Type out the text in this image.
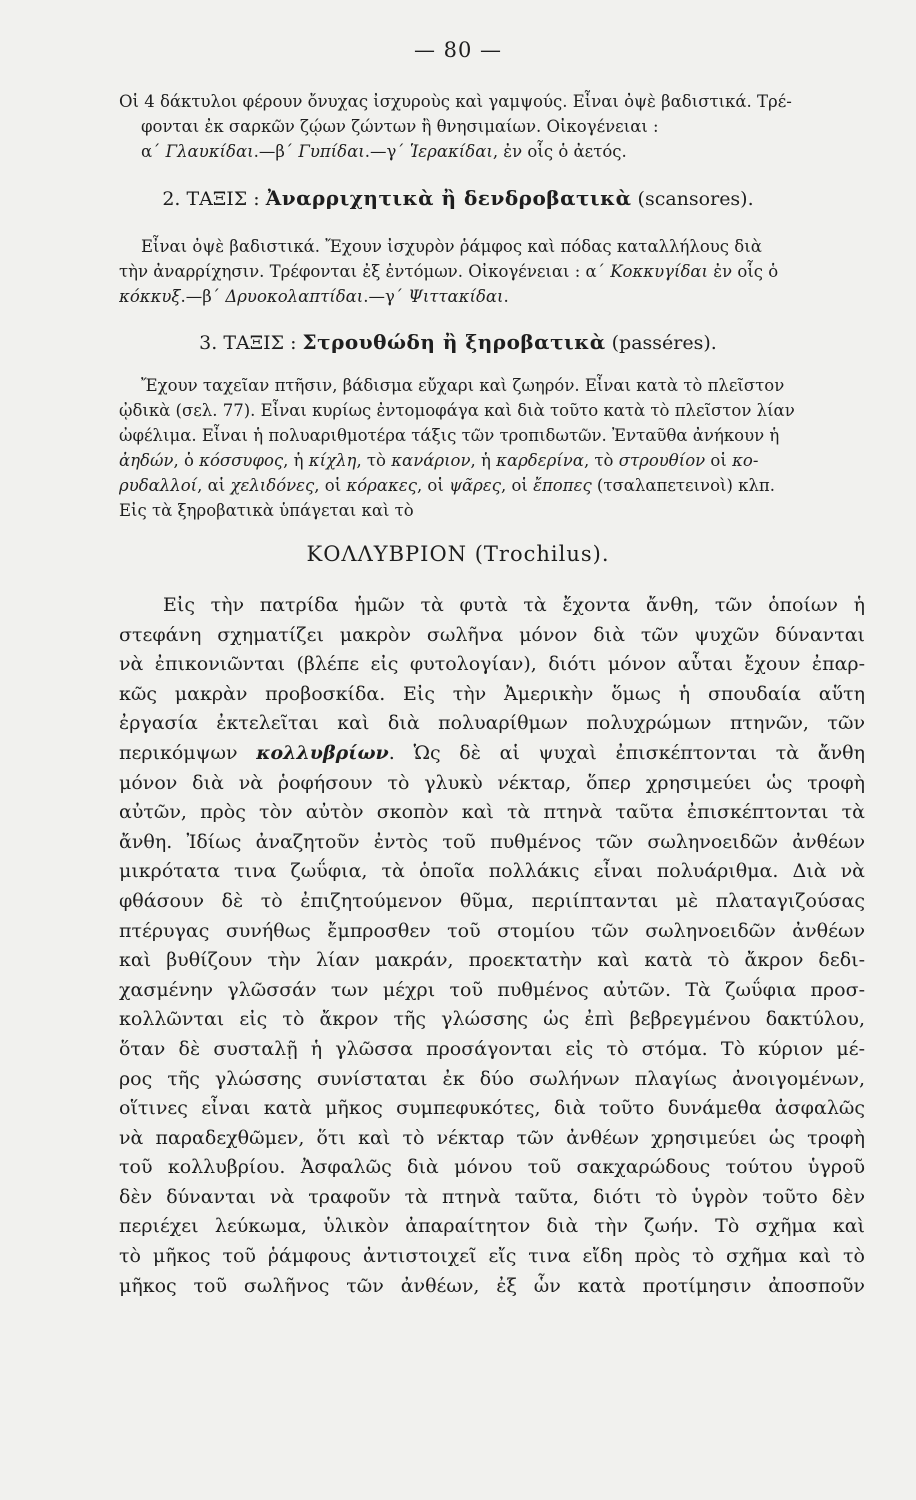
— 80 —
Οἱ 4 δάκτυλοι φέρουν ὄνυχας ἰσχυροὺς καὶ γαμψούς. Εἶναι ὀψὲ βαδιστικά. Τρέ-
φονται ἐκ σαρκῶν ζῴων ζώντων ἢ θνησιμαίων. Οἰκογένειαι :
α΄ Γλαυκίδαι.—β΄ Γυπίδαι.—γ΄ Ἱερακίδαι, ἐν οἷς ὁ ἀετός.
2. ΤΑΞΙΣ : Ἀναρριχητικὰ ἢ δενδροβατικὰ (scansores).
Εἶναι ὀψὲ βαδιστικά. Ἔχουν ἰσχυρὸν ῥάμφος καὶ πόδας καταλλήλους διὰ
τὴν ἀναρρίχησιν. Τρέφονται ἐξ ἐντόμων. Οἰκογένειαι : α΄ Κοκκυγίδαι ἐν οἷς ὁ
κόκκυξ.—β΄ Δρυοκολαπτίδαι.—γ΄ Ψιττακίδαι.
3. ΤΑΞΙΣ : Στρουθώδη ἢ ξηροβατικὰ (passéres).
Ἔχουν ταχεῖαν πτῆσιν, βάδισμα εὔχαρι καὶ ζωηρόν. Εἶναι κατὰ τὸ πλεῖστον
ᾠδικὰ (σελ. 77). Εἶναι κυρίως ἐντομοφάγα καὶ διὰ τοῦτο κατὰ τὸ πλεῖστον λίαν
ὠφέλιμα. Εἶναι ἡ πολυαριθμοτέρα τάξις τῶν τροπιδωτῶν. Ἐνταῦθα ἀνήκουν ἡ
ἀηδών, ὁ κόσσυφος, ἡ κίχλη, τὸ κανάριον, ἡ καρδερίνα, τὸ στρουθίον οἱ κο-
ρυδαλλοί, αἱ χελιδόνες, οἱ κόρακες, οἱ ψᾶρες, οἱ ἔποπες (τσαλαπετεινοὶ) κλπ.
Εἰς τὰ ξηροβατικὰ ὑπάγεται καὶ τὸ
ΚΟΛΛΥΒΡΙΟΝ (Trochilus).
Εἰς τὴν πατρίδα ἡμῶν τὰ φυτὰ τὰ ἔχοντα ἄνθη, τῶν ὁποίων ἡ
στεφάνη σχηματίζει μακρὸν σωλῆνα μόνον διὰ τῶν ψυχῶν δύνανται
νὰ ἐπικονιῶνται (βλέπε εἰς φυτολογίαν), διότι μόνον αὗται ἔχουν ἐπαρ-
κῶς μακρὰν προβοσκίδα. Εἰς τὴν Ἀμερικὴν ὅμως ἡ σπουδαία αὕτη
ἐργασία ἐκτελεῖται καὶ διὰ πολυαρίθμων πολυχρώμων πτηνῶν, τῶν
περικόμψων κολλυβρίων. Ὡς δὲ αἱ ψυχαὶ ἐπισκέπτονται τὰ ἄνθη
μόνον διὰ νὰ ῥοφήσουν τὸ γλυκὺ νέκταρ, ὅπερ χρησιμεύει ὡς τροφὴ
αὐτῶν, πρὸς τὸν αὐτὸν σκοπὸν καὶ τὰ πτηνὰ ταῦτα ἐπισκέπτονται τὰ
ἄνθη. Ἰδίως ἀναζητοῦν ἐντὸς τοῦ πυθμένος τῶν σωληνοειδῶν ἀνθέων
μικρότατα τινα ζωΰφια, τὰ ὁποῖα πολλάκις εἶναι πολυάριθμα. Διὰ νὰ
φθάσουν δὲ τὸ ἐπιζητούμενον θῦμα, περιίπτανται μὲ πλαταγιζούσας
πτέρυγας συνήθως ἔμπροσθεν τοῦ στομίου τῶν σωληνοειδῶν ἀνθέων
καὶ βυθίζουν τὴν λίαν μακράν, προεκτατὴν καὶ κατὰ τὸ ἄκρον δεδι-
χασμένην γλῶσσάν των μέχρι τοῦ πυθμένος αὐτῶν. Τὰ ζωΰφια προσ-
κολλῶνται εἰς τὸ ἄκρον τῆς γλώσσης ὡς ἐπὶ βεβρεγμένου δακτύλου,
ὅταν δὲ συσταλῇ ἡ γλῶσσα προσάγονται εἰς τὸ στόμα. Τὸ κύριον μέ-
ρος τῆς γλώσσης συνίσταται ἐκ δύο σωλήνων πλαγίως ἀνοιγομένων,
οἵτινες εἶναι κατὰ μῆκος συμπεφυκότες, διὰ τοῦτο δυνάμεθα ἀσφαλῶς
νὰ παραδεχθῶμεν, ὅτι καὶ τὸ νέκταρ τῶν ἀνθέων χρησιμεύει ὡς τροφὴ
τοῦ κολλυβρίου. Ἀσφαλῶς διὰ μόνου τοῦ σακχαρώδους τούτου ὑγροῦ
δὲν δύνανται νὰ τραφοῦν τὰ πτηνὰ ταῦτα, διότι τὸ ὑγρὸν τοῦτο δὲν
περιέχει λεύκωμα, ὑλικὸν ἀπαραίτητον διὰ τὴν ζωήν. Τὸ σχῆμα καὶ
τὸ μῆκος τοῦ ῥάμφους ἀντιστοιχεῖ εἴς τινα εἴδη πρὸς τὸ σχῆμα καὶ τὸ
μῆκος τοῦ σωλῆνος τῶν ἀνθέων, ἐξ ὧν κατὰ προτίμησιν ἀποσποῦν
